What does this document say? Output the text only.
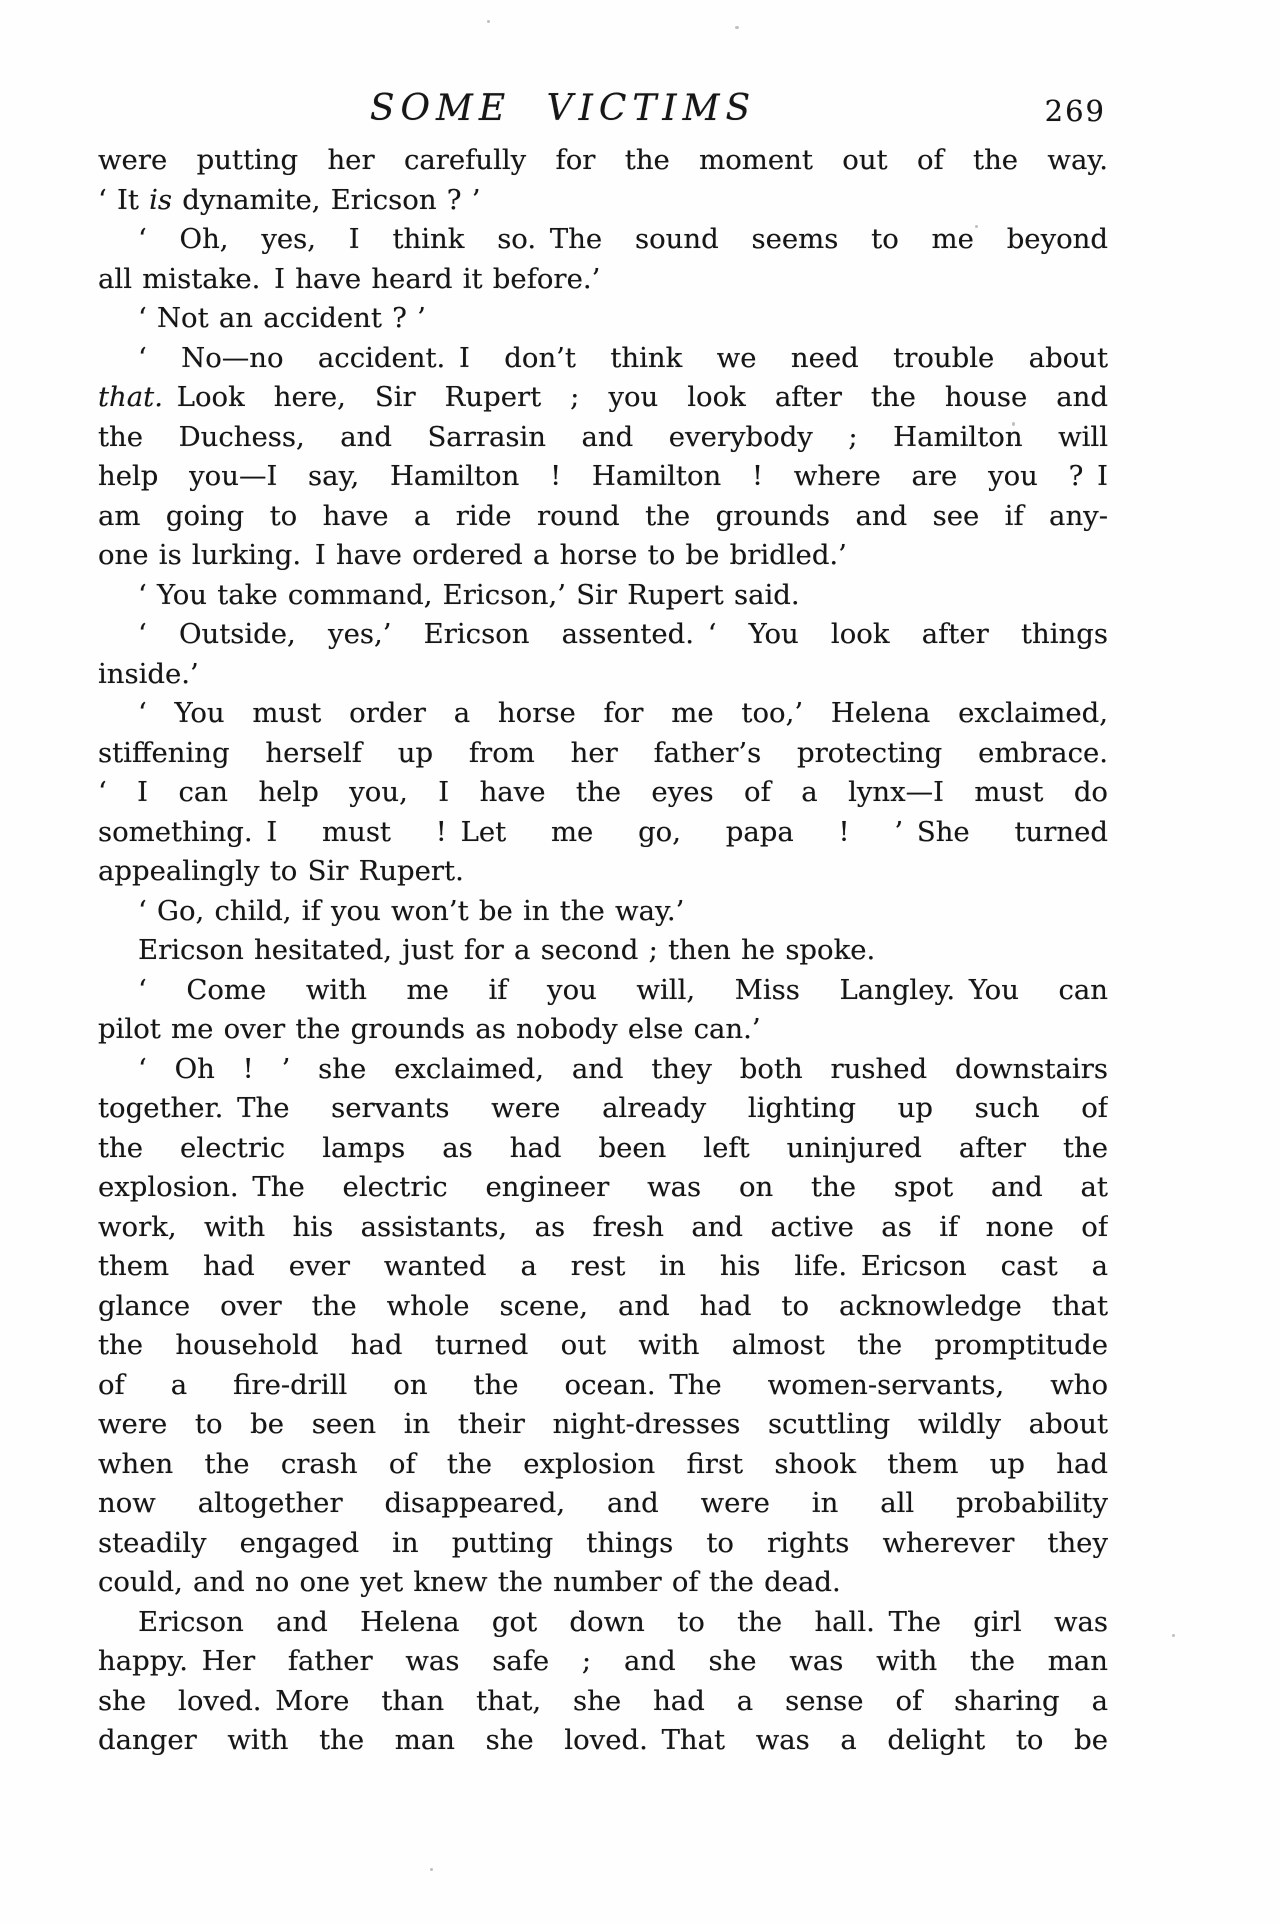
SOME VICTIMS	269
were putting her carefully for the moment out of the way.
‘ It is dynamite, Ericson ? ’
‘ Oh, yes, I think so. The sound seems to me beyond
all mistake. I have heard it before.’
‘ Not an accident ? ’
‘ No—no accident. I don’t think we need trouble about
that. Look here, Sir Rupert ; you look after the house and
the Duchess, and Sarrasin and everybody ; Hamilton will
help you—I say, Hamilton ! Hamilton ! where are you ? I
am going to have a ride round the grounds and see if any-
one is lurking. I have ordered a horse to be bridled.’
‘ You take command, Ericson,’ Sir Rupert said.
‘ Outside, yes,’ Ericson assented. ‘ You look after things
inside.’
‘ You must order a horse for me too,’ Helena exclaimed,
stiffening herself up from her father’s protecting embrace.
‘ I can help you, I have the eyes of a lynx—I must do
something. I must ! Let me go, papa ! ’ She turned
appealingly to Sir Rupert.
‘ Go, child, if you won’t be in the way.’
Ericson hesitated, just for a second ; then he spoke.
‘ Come with me if you will, Miss Langley. You can
pilot me over the grounds as nobody else can.’
‘ Oh ! ’ she exclaimed, and they both rushed downstairs
together. The servants were already lighting up such of
the electric lamps as had been left uninjured after the
explosion. The electric engineer was on the spot and at
work, with his assistants, as fresh and active as if none of
them had ever wanted a rest in his life. Ericson cast a
glance over the whole scene, and had to acknowledge that
the household had turned out with almost the promptitude
of a fire-drill on the ocean. The women-servants, who
were to be seen in their night-dresses scuttling wildly about
when the crash of the explosion first shook them up had
now altogether disappeared, and were in all probability
steadily engaged in putting things to rights wherever they
could, and no one yet knew the number of the dead.
Ericson and Helena got down to the hall. The girl was
happy. Her father was safe ; and she was with the man
she loved. More than that, she had a sense of sharing a
danger with the man she loved. That was a delight to be
